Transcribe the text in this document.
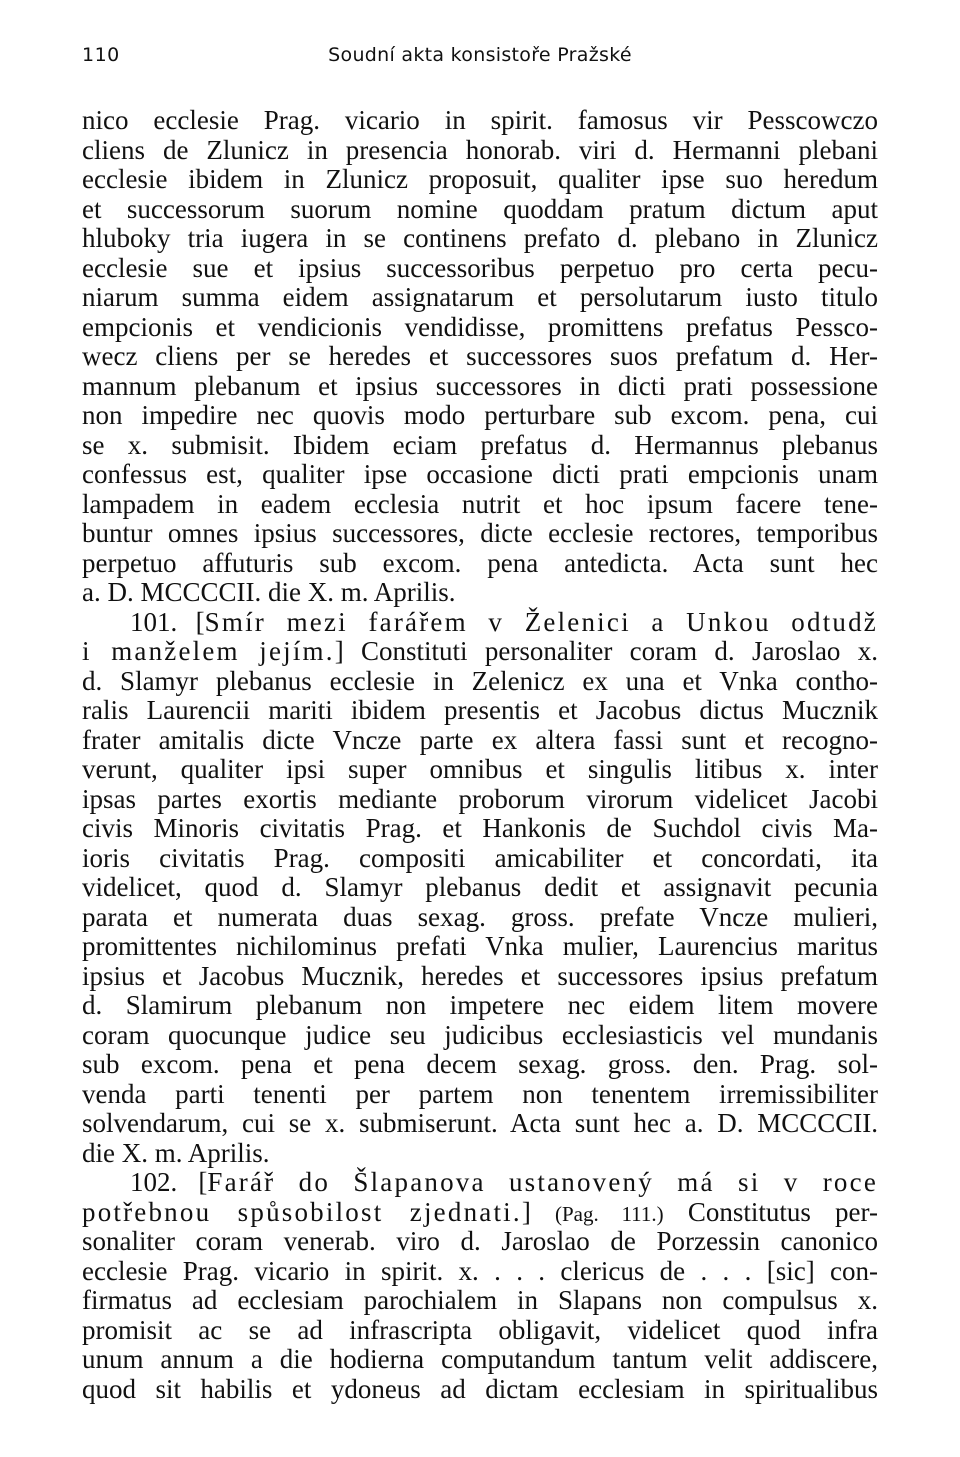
110	Soudní akta konsistoře Pražské
nico ecclesie Prag. vicario in spirit. famosus vir Pesscowczo
cliens de Zlunicz in presencia honorab. viri d. Hermanni plebani
ecclesie ibidem in Zlunicz proposuit, qualiter ipse suo heredum
et successorum suorum nomine quoddam pratum dictum aput
hluboky tria iugera in se continens prefato d. plebano in Zlunicz
ecclesie sue et ipsius successoribus perpetuo pro certa pecu-
niarum summa eidem assignatarum et persolutarum iusto titulo
empcionis et vendicionis vendidisse, promittens prefatus Pessco-
wecz cliens per se heredes et successores suos prefatum d. Her-
mannum plebanum et ipsius successores in dicti prati possessione
non impedire nec quovis modo perturbare sub excom. pena, cui
se x. submisit. Ibidem eciam prefatus d. Hermannus plebanus
confessus est, qualiter ipse occasione dicti prati empcionis unam
lampadem in eadem ecclesia nutrit et hoc ipsum facere tene-
buntur omnes ipsius successores, dicte ecclesie rectores, temporibus
perpetuo affuturis sub excom. pena antedicta. Acta sunt hec
a. D. MCCCCII. die X. m. Aprilis.
101. [Smír mezi farářem v Želenici a Unkou odtudž
i manželem jejím.] Constituti personaliter coram d. Jaroslao x.
d. Slamyr plebanus ecclesie in Zelenicz ex una et Vnka contho-
ralis Laurencii mariti ibidem presentis et Jacobus dictus Mucznik
frater amitalis dicte Vncze parte ex altera fassi sunt et recogno-
verunt, qualiter ipsi super omnibus et singulis litibus x. inter
ipsas partes exortis mediante proborum virorum videlicet Jacobi
civis Minoris civitatis Prag. et Hankonis de Suchdol civis Ma-
ioris civitatis Prag. compositi amicabiliter et concordati, ita
videlicet, quod d. Slamyr plebanus dedit et assignavit pecunia
parata et numerata duas sexag. gross. prefate Vncze mulieri,
promittentes nichilominus prefati Vnka mulier, Laurencius maritus
ipsius et Jacobus Mucznik, heredes et successores ipsius prefatum
d. Slamirum plebanum non impetere nec eidem litem movere
coram quocunque judice seu judicibus ecclesiasticis vel mundanis
sub excom. pena et pena decem sexag. gross. den. Prag. sol-
venda parti tenenti per partem non tenentem irremissibiliter
solvendarum, cui se x. submiserunt. Acta sunt hec a. D. MCCCCII.
die X. m. Aprilis.
102. [Farář do Šlapanova ustanovený má si v roce
potřebnou spůsobilost zjednati.] (Pag. 111.) Constitutus per-
sonaliter coram venerab. viro d. Jaroslao de Porzessin canonico
ecclesie Prag. vicario in spirit. x. . . . clericus de . . . [sic] con-
firmatus ad ecclesiam parochialem in Slapans non compulsus x.
promisit ac se ad infrascripta obligavit, videlicet quod infra
unum annum a die hodierna computandum tantum velit addiscere,
quod sit habilis et ydoneus ad dictam ecclesiam in spiritualibus
